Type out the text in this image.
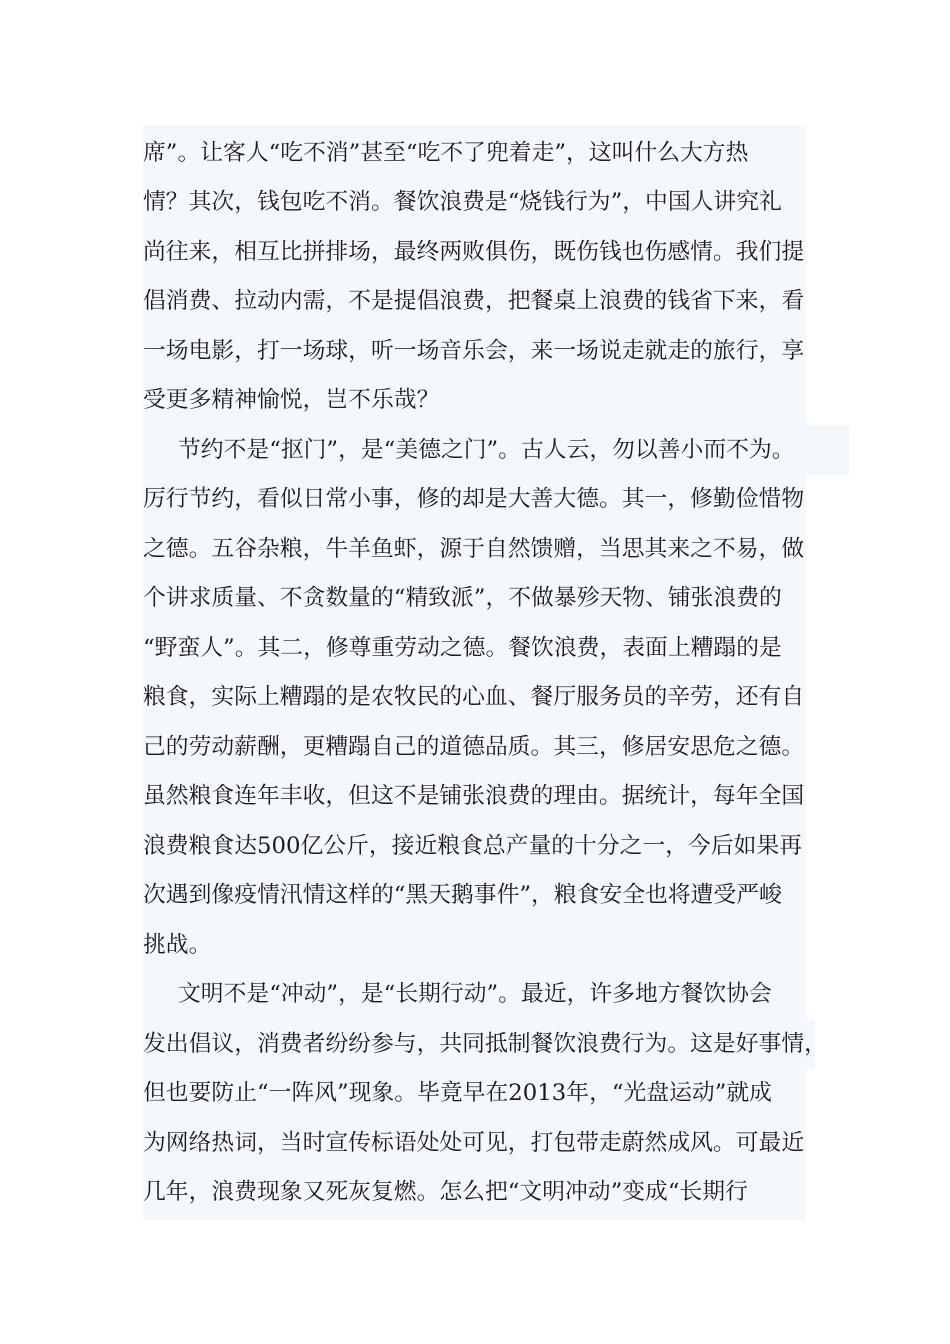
席”。让客人“吃不消”甚至“吃不了兜着走”，这叫什么大方热
情？其次，钱包吃不消。餐饮浪费是“烧钱行为”，中国人讲究礼
尚往来，相互比拼排场，最终两败俱伤，既伤钱也伤感情。我们提
倡消费、拉动内需，不是提倡浪费，把餐桌上浪费的钱省下来，看
一场电影，打一场球，听一场音乐会，来一场说走就走的旅行，享
受更多精神愉悦，岂不乐哉？
节约不是“抠门”，是“美德之门”。古人云，勿以善小而不为。
厉行节约，看似日常小事，修的却是大善大德。其一，修勤俭惜物
之德。五谷杂粮，牛羊鱼虾，源于自然馈赠，当思其来之不易，做
个讲求质量、不贪数量的“精致派”，不做暴殄天物、铺张浪费的
“野蛮人”。其二，修尊重劳动之德。餐饮浪费，表面上糟蹋的是
粮食，实际上糟蹋的是农牧民的心血、餐厅服务员的辛劳，还有自
己的劳动薪酬，更糟蹋自己的道德品质。其三，修居安思危之德。
虽然粮食连年丰收，但这不是铺张浪费的理由。据统计，每年全国
浪费粮食达500亿公斤，接近粮食总产量的十分之一，今后如果再
次遇到像疫情汛情这样的“黑天鹅事件”，粮食安全也将遭受严峻
挑战。
文明不是“冲动”，是“长期行动”。最近，许多地方餐饮协会
发出倡议，消费者纷纷参与，共同抵制餐饮浪费行为。这是好事情，
但也要防止“一阵风”现象。毕竟早在2013年，“光盘运动”就成
为网络热词，当时宣传标语处处可见，打包带走蔚然成风。可最近
几年，浪费现象又死灰复燃。怎么把“文明冲动”变成“长期行
